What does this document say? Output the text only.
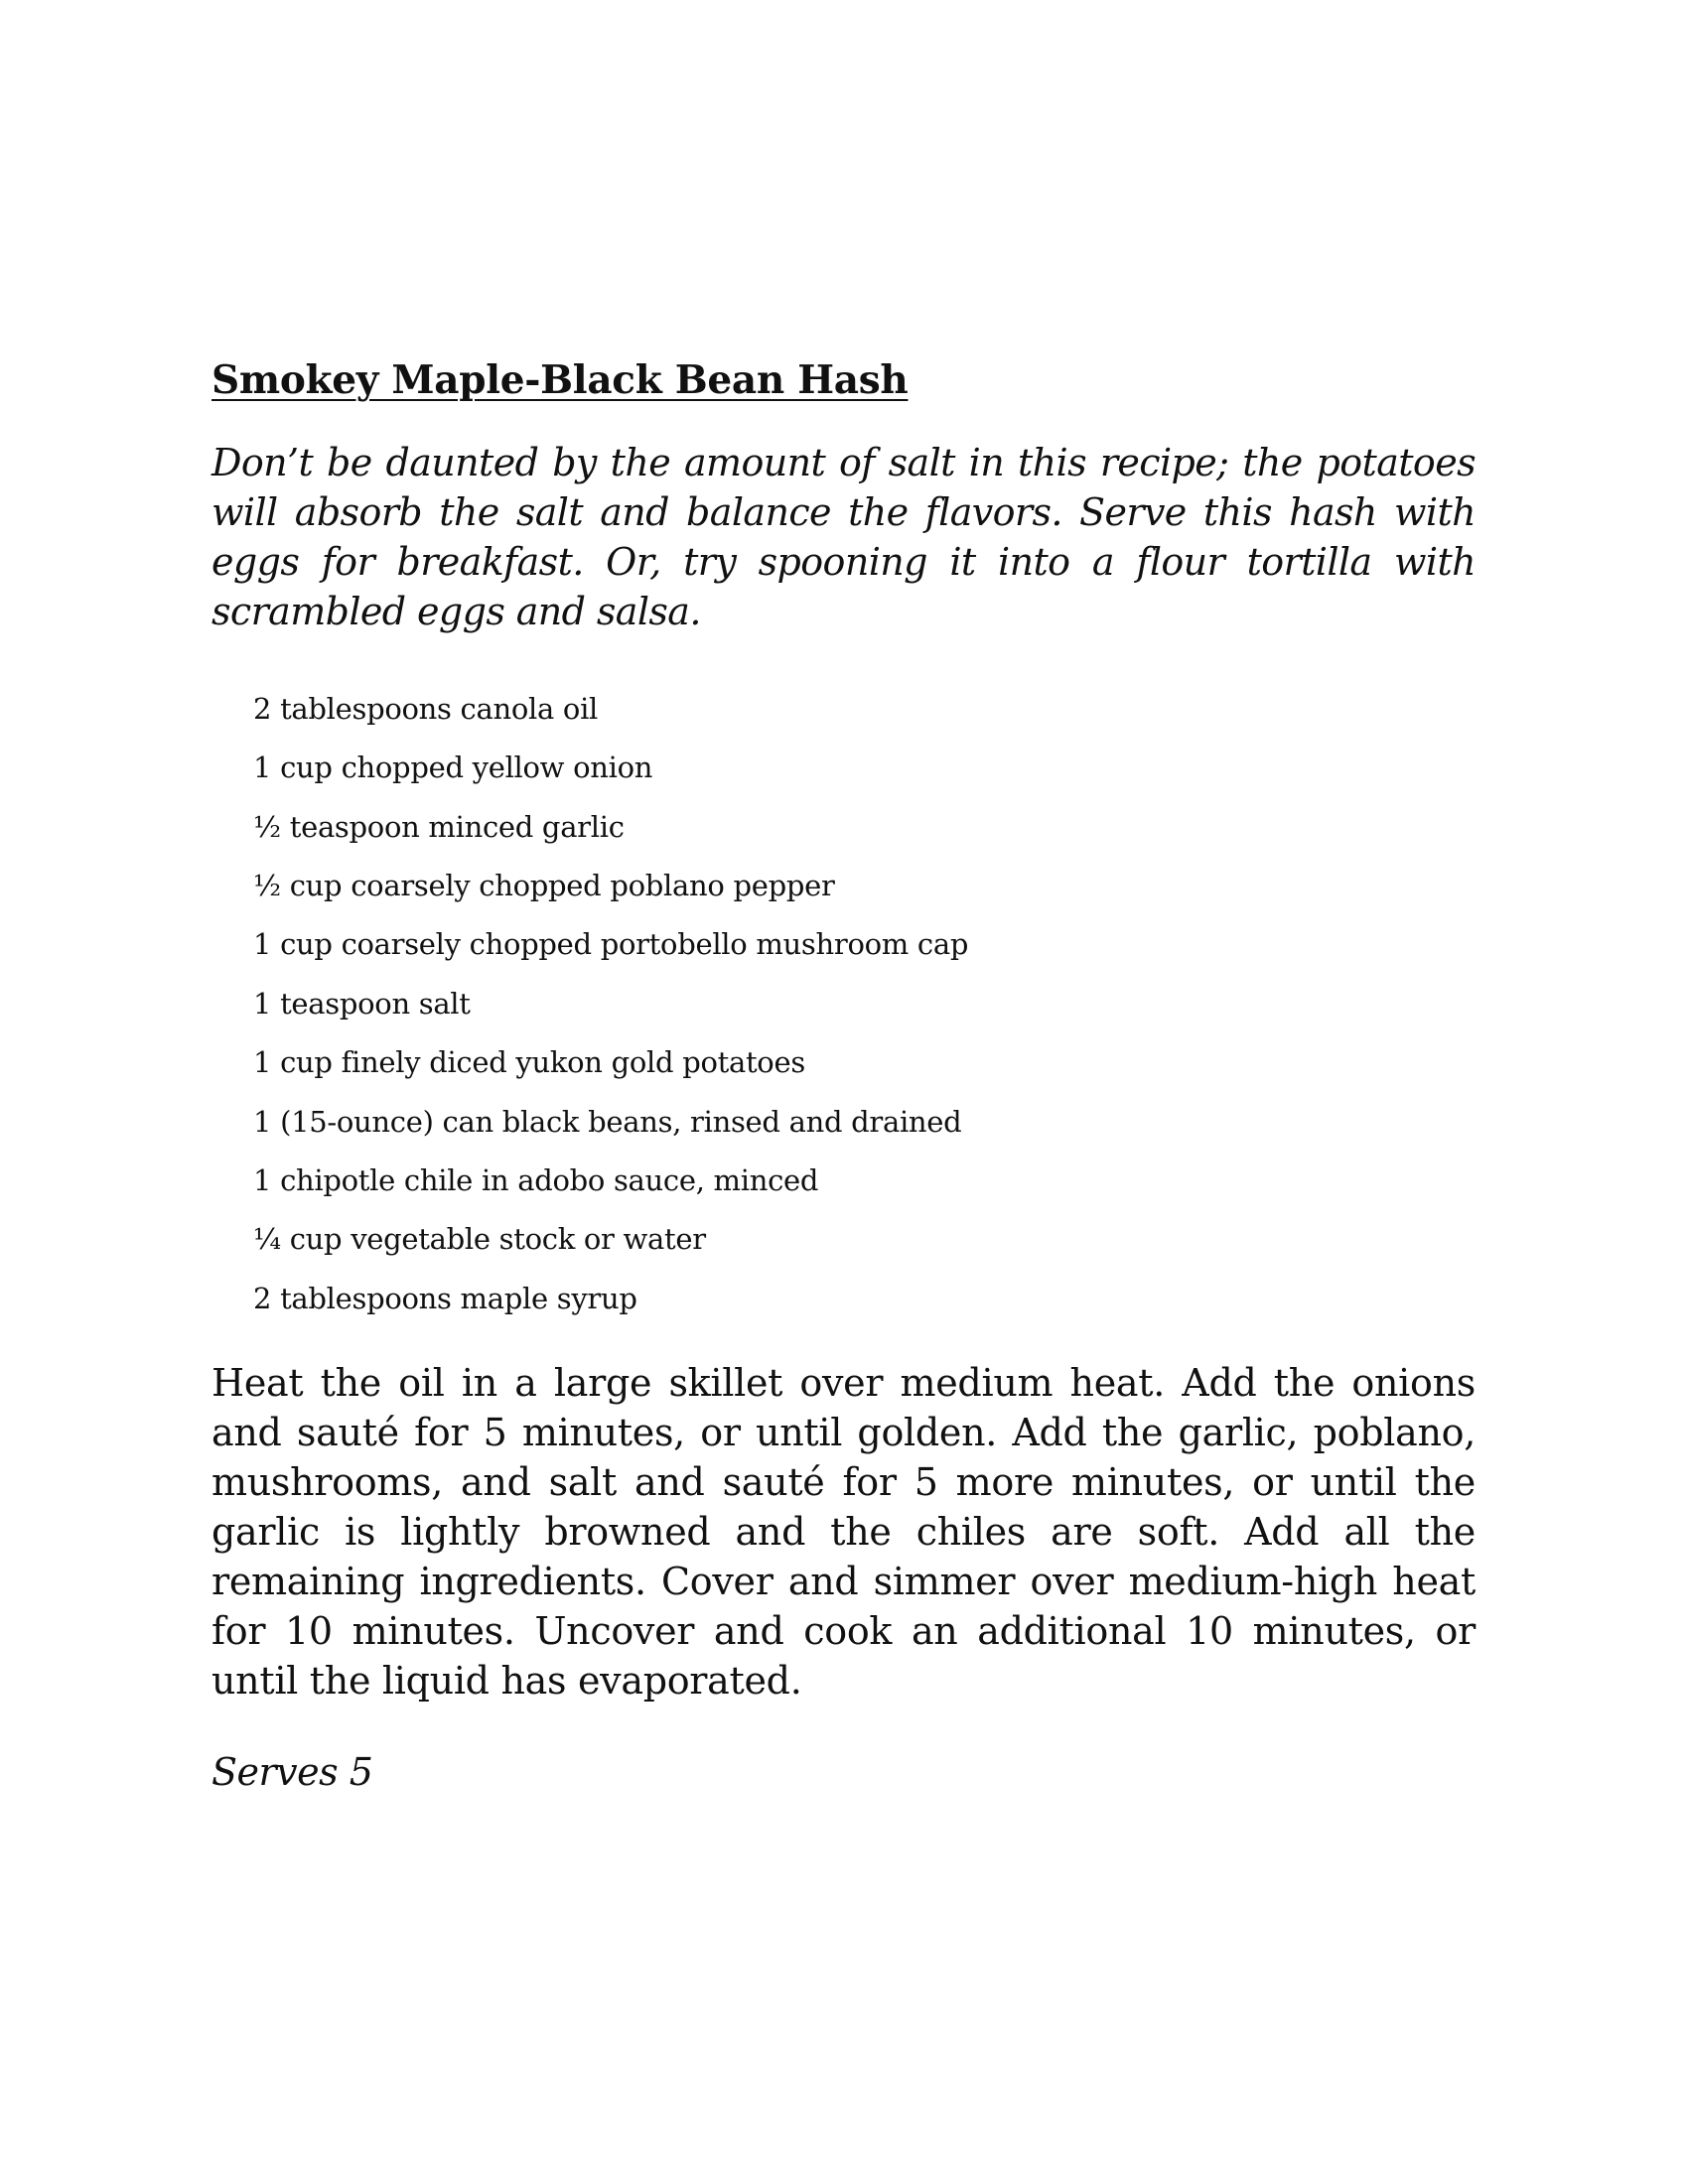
Smokey Maple-Black Bean Hash

Don’t be daunted by the amount of salt in this recipe; the potatoes will absorb the salt and balance the flavors. Serve this hash with eggs for breakfast. Or, try spooning it into a flour tortilla with scrambled eggs and salsa.

2 tablespoons canola oil
1 cup chopped yellow onion
½ teaspoon minced garlic
½ cup coarsely chopped poblano pepper
1 cup coarsely chopped portobello mushroom cap
1 teaspoon salt
1 cup finely diced yukon gold potatoes
1 (15-ounce) can black beans, rinsed and drained
1 chipotle chile in adobo sauce, minced
¼ cup vegetable stock or water
2 tablespoons maple syrup

Heat the oil in a large skillet over medium heat. Add the onions and sauté for 5 minutes, or until golden. Add the garlic, poblano, mushrooms, and salt and sauté for 5 more minutes, or until the garlic is lightly browned and the chiles are soft. Add all the remaining ingredients. Cover and simmer over medium-high heat for 10 minutes. Uncover and cook an additional 10 minutes, or until the liquid has evaporated.

Serves 5
